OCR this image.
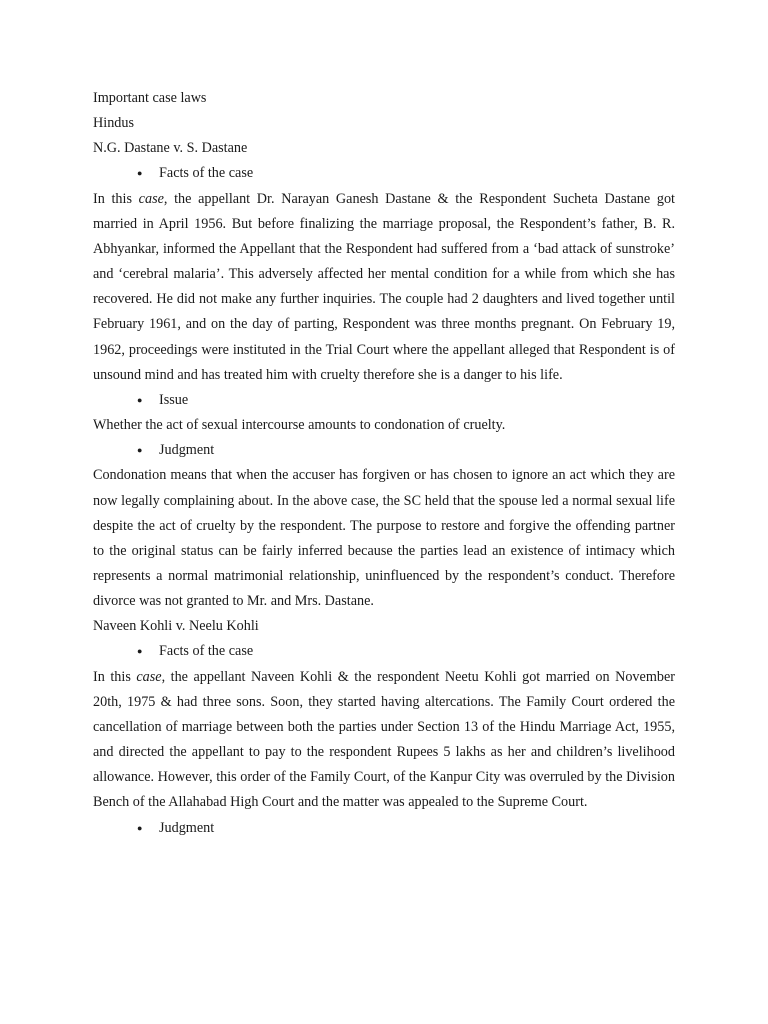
Important case laws

Hindus

N.G. Dastane v. S. Dastane

● Facts of the case

In this case, the appellant Dr. Narayan Ganesh Dastane & the Respondent Sucheta Dastane got married in April 1956. But before finalizing the marriage proposal, the Respondent’s father, B. R. Abhyankar, informed the Appellant that the Respondent had suffered from a ‘bad attack of sunstroke’ and ‘cerebral malaria’. This adversely affected her mental condition for a while from which she has recovered. He did not make any further inquiries. The couple had 2 daughters and lived together until February 1961, and on the day of parting, Respondent was three months pregnant. On February 19, 1962, proceedings were instituted in the Trial Court where the appellant alleged that Respondent is of unsound mind and has treated him with cruelty therefore she is a danger to his life.

● Issue

Whether the act of sexual intercourse amounts to condonation of cruelty.

● Judgment

Condonation means that when the accuser has forgiven or has chosen to ignore an act which they are now legally complaining about. In the above case, the SC held that the spouse led a normal sexual life despite the act of cruelty by the respondent. The purpose to restore and forgive the offending partner to the original status can be fairly inferred because the parties lead an existence of intimacy which represents a normal matrimonial relationship, uninfluenced by the respondent’s conduct. Therefore divorce was not granted to Mr. and Mrs. Dastane.

Naveen Kohli v. Neelu Kohli

● Facts of the case

In this case, the appellant Naveen Kohli & the respondent Neetu Kohli got married on November 20th, 1975 & had three sons. Soon, they started having altercations. The Family Court ordered the cancellation of marriage between both the parties under Section 13 of the Hindu Marriage Act, 1955, and directed the appellant to pay to the respondent Rupees 5 lakhs as her and children’s livelihood allowance. However, this order of the Family Court, of the Kanpur City was overruled by the Division Bench of the Allahabad High Court and the matter was appealed to the Supreme Court.

● Judgment
